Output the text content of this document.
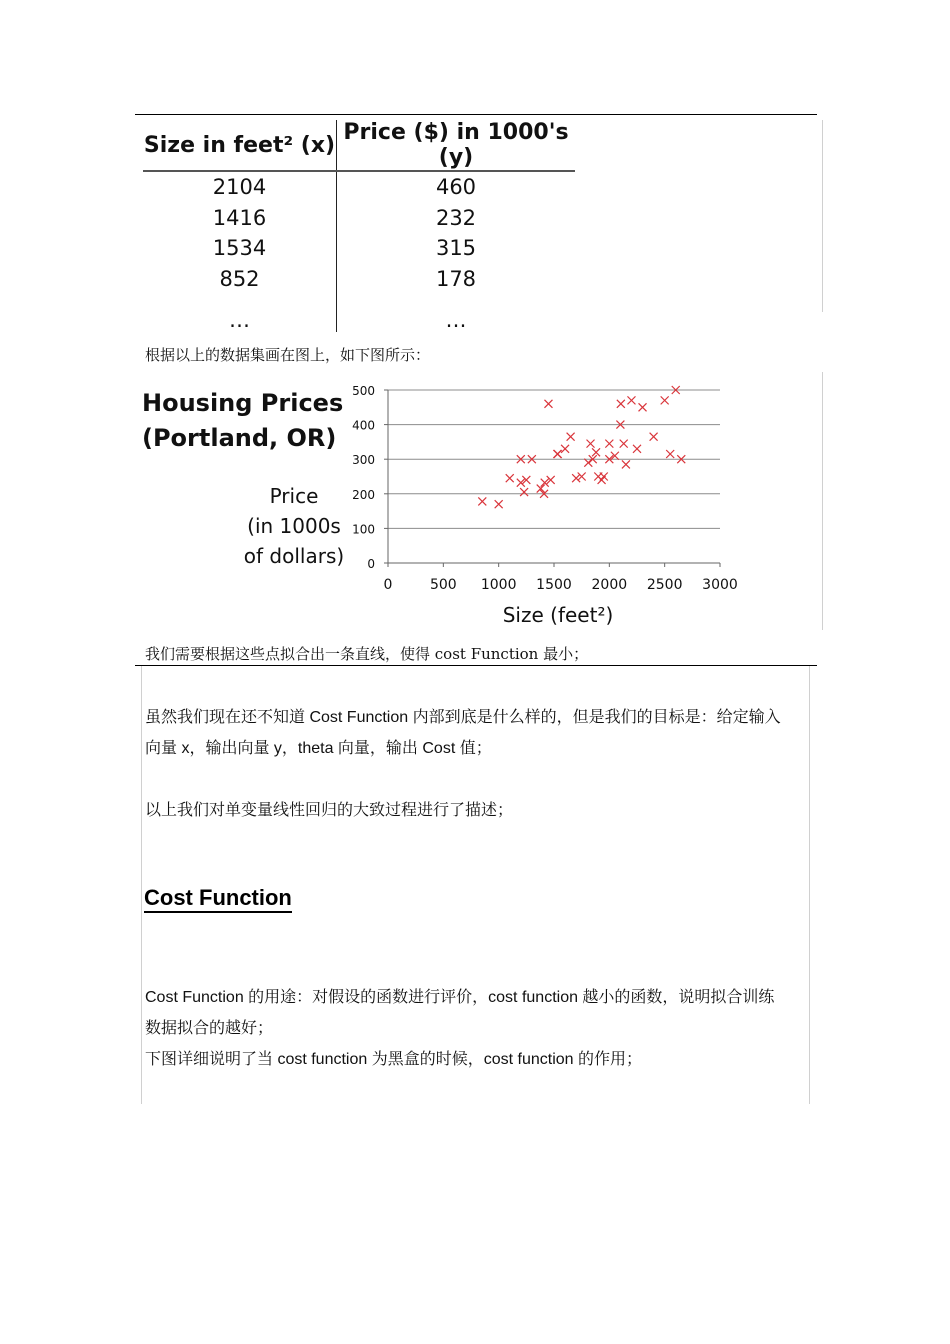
Size in feet² (x)	Price ($) in 1000's (y)
2104	460
1416	232
1534	315
852	178
…	…
根据以上的数据集画在图上，如下图所示：
Housing Prices
(Portland, OR)
Price
(in 1000s
of dollars)	0
100
200
300
400
500
0	500 1000 1500 2000 2500 3000
Size (feet²)
我们需要根据这些点拟合出一条直线，使得 cost Function 最小；
虽然我们现在还不知道 Cost Function 内部到底是什么样的，但是我们的目标是：给定输入
向量 x，输出向量 y，theta 向量，输出 Cost 值；
以上我们对单变量线性回归的大致过程进行了描述；
Cost Function
Cost Function 的用途：对假设的函数进行评价，cost function 越小的函数，说明拟合训练
数据拟合的越好；
下图详细说明了当 cost function 为黑盒的时候，cost function 的作用；
